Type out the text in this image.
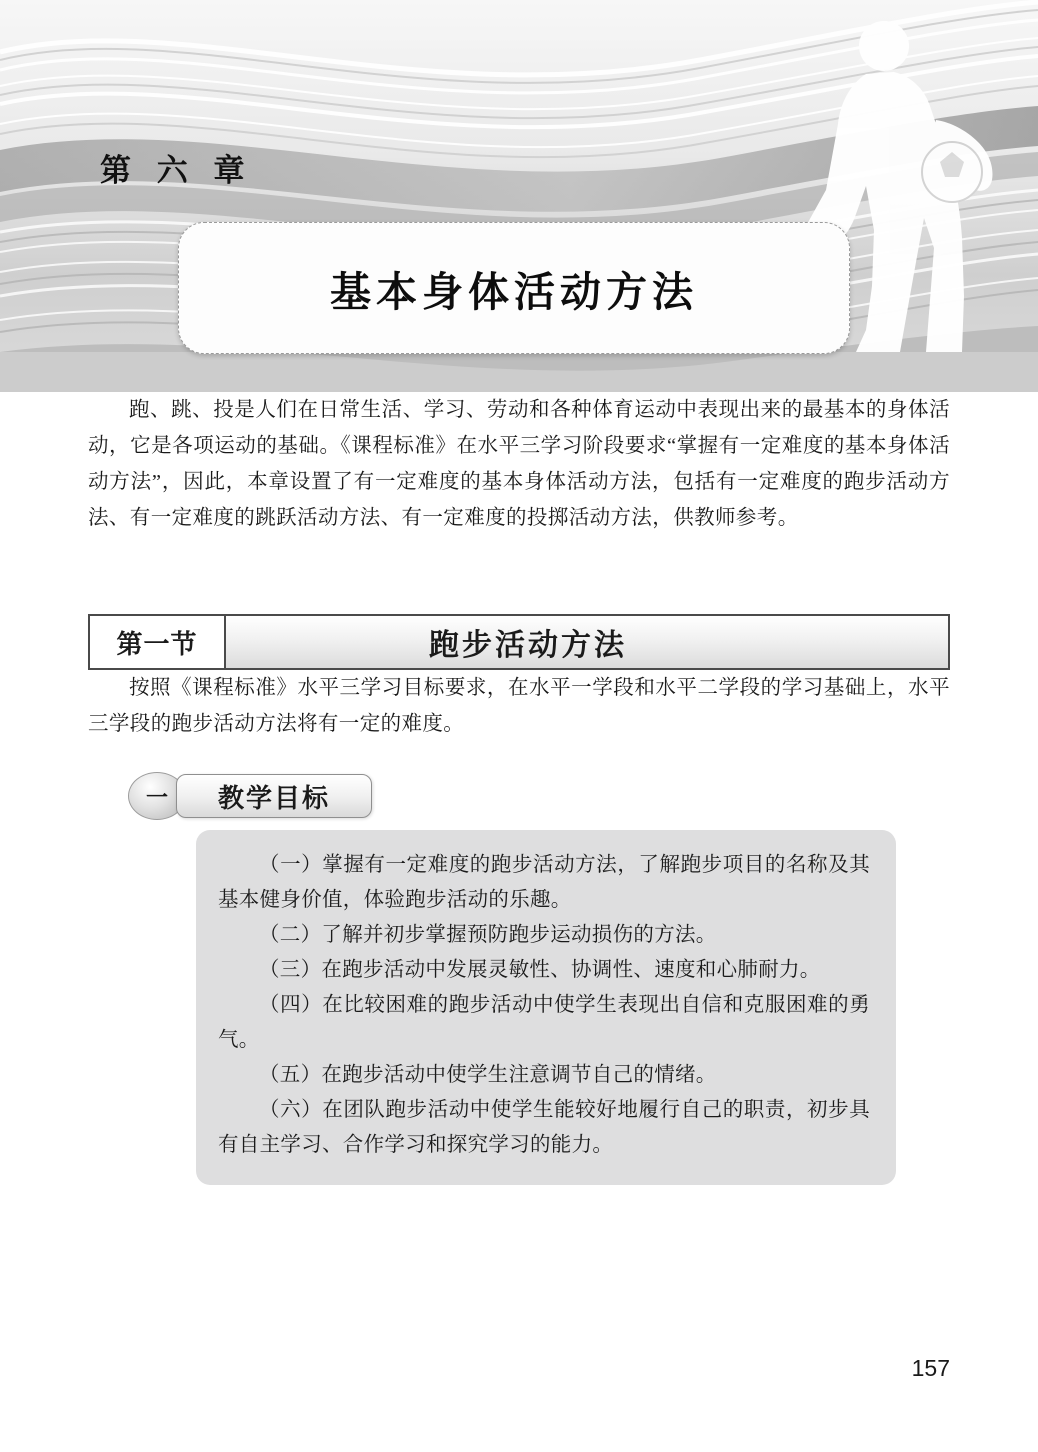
第 六 章
基本身体活动方法

跑、跳、投是人们在日常生活、学习、劳动和各种体育运动中表现出来的最基本的身体活动，它是各项运动的基础。《课程标准》在水平三学习阶段要求“掌握有一定难度的基本身体活动方法”，因此，本章设置了有一定难度的基本身体活动方法，包括有一定难度的跑步活动方法、有一定难度的跳跃活动方法、有一定难度的投掷活动方法，供教师参考。

第一节	跑步活动方法

按照《课程标准》水平三学习目标要求，在水平一学段和水平二学段的学习基础上，水平三学段的跑步活动方法将有一定的难度。

一	教学目标

（一）掌握有一定难度的跑步活动方法，了解跑步项目的名称及其基本健身价值，体验跑步活动的乐趣。

（二）了解并初步掌握预防跑步运动损伤的方法。

（三）在跑步活动中发展灵敏性、协调性、速度和心肺耐力。

（四）在比较困难的跑步活动中使学生表现出自信和克服困难的勇气。

（五）在跑步活动中使学生注意调节自己的情绪。

（六）在团队跑步活动中使学生能较好地履行自己的职责，初步具有自主学习、合作学习和探究学习的能力。

157
